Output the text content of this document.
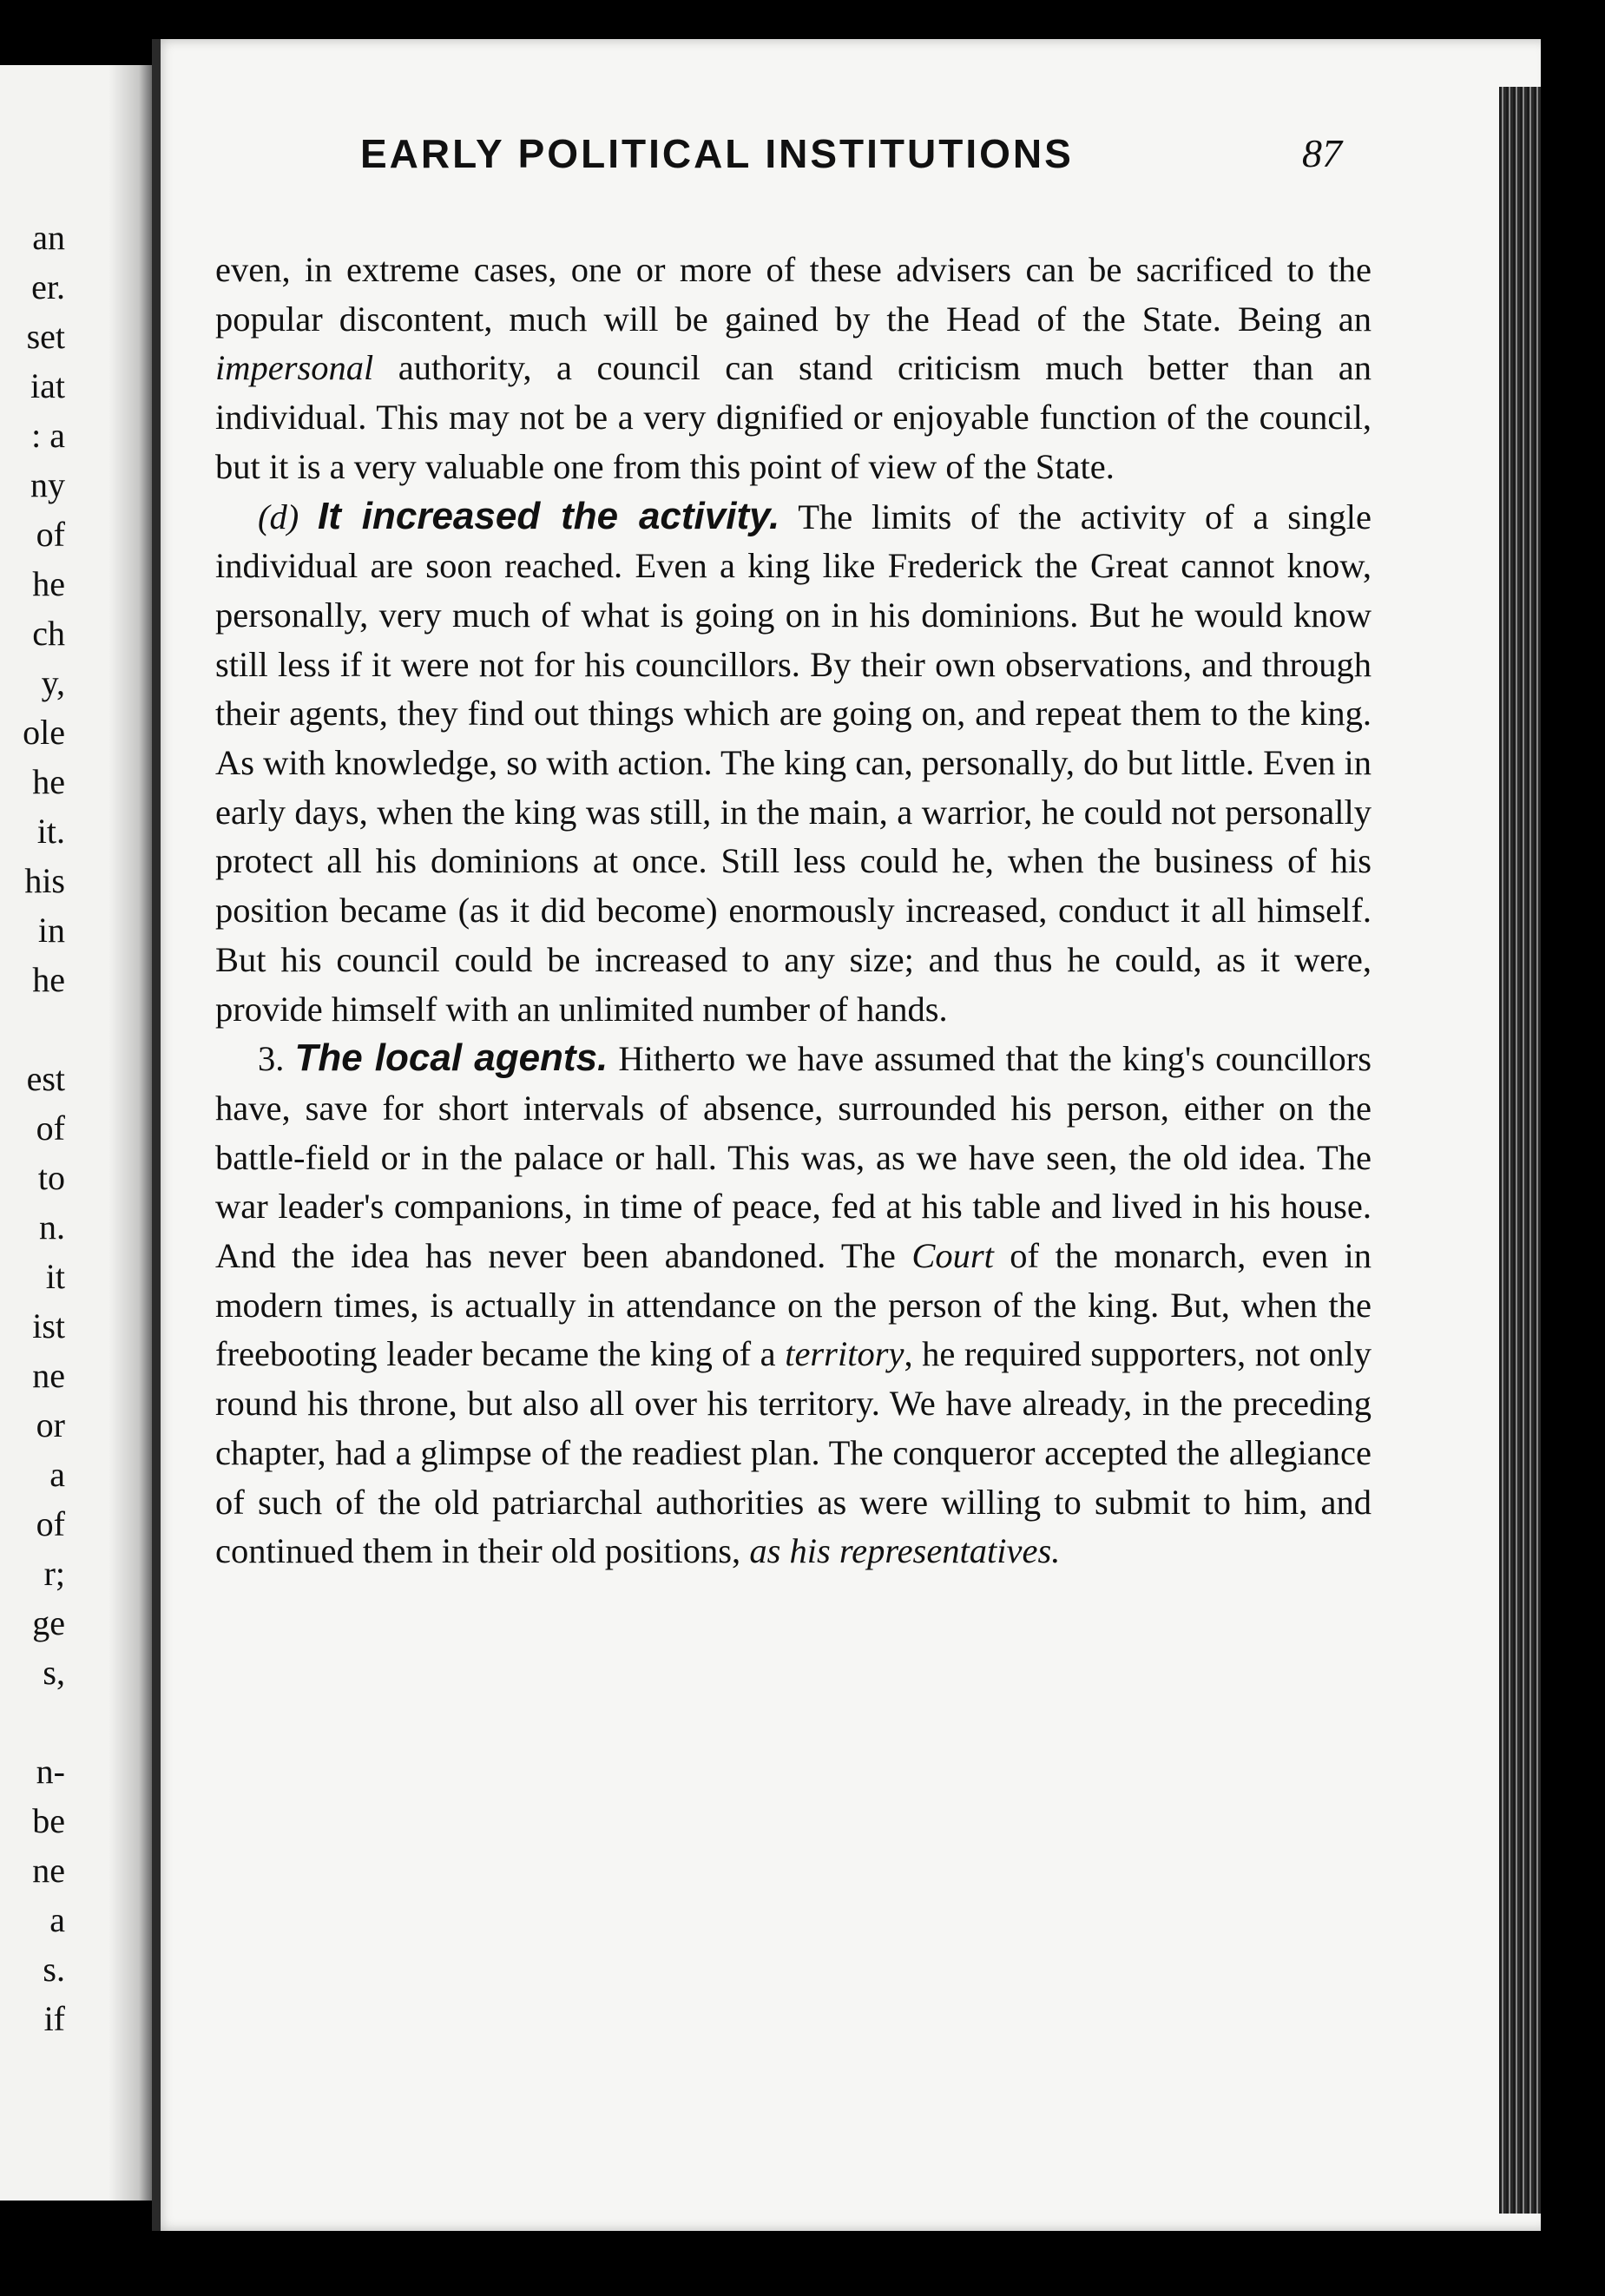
an
er.
set
iat
: a
ny
of
he
ch
y,
ole
he
it.
his
in
he
est
of
to
n.
it
ist
ne
or
a
of
r;
ge
s,
n-
be
ne
a
s.
if
EARLY POLITICAL INSTITUTIONS	87

even, in extreme cases, one or more of these advisers can be sacrificed to the popular discontent, much will be gained by the Head of the State. Being an impersonal authority, a council can stand criticism much better than an individual. This may not be a very dignified or enjoyable function of the council, but it is a very valuable one from this point of view of the State.

(d) It increased the activity. The limits of the activity of a single individual are soon reached. Even a king like Frederick the Great cannot know, personally, very much of what is going on in his dominions. But he would know still less if it were not for his councillors. By their own observations, and through their agents, they find out things which are going on, and repeat them to the king. As with knowledge, so with action. The king can, personally, do but little. Even in early days, when the king was still, in the main, a warrior, he could not personally protect all his dominions at once. Still less could he, when the business of his position became (as it did become) enormously increased, conduct it all himself. But his council could be increased to any size; and thus he could, as it were, provide himself with an unlimited number of hands.

3. The local agents. Hitherto we have assumed that the king's councillors have, save for short intervals of absence, surrounded his person, either on the battle-field or in the palace or hall. This was, as we have seen, the old idea. The war leader's companions, in time of peace, fed at his table and lived in his house. And the idea has never been abandoned. The Court of the monarch, even in modern times, is actually in attendance on the person of the king. But, when the freebooting leader became the king of a territory, he required supporters, not only round his throne, but also all over his territory. We have already, in the preceding chapter, had a glimpse of the readiest plan. The conqueror accepted the allegiance of such of the old patriarchal authorities as were willing to submit to him, and continued them in their old positions, as his representatives.
